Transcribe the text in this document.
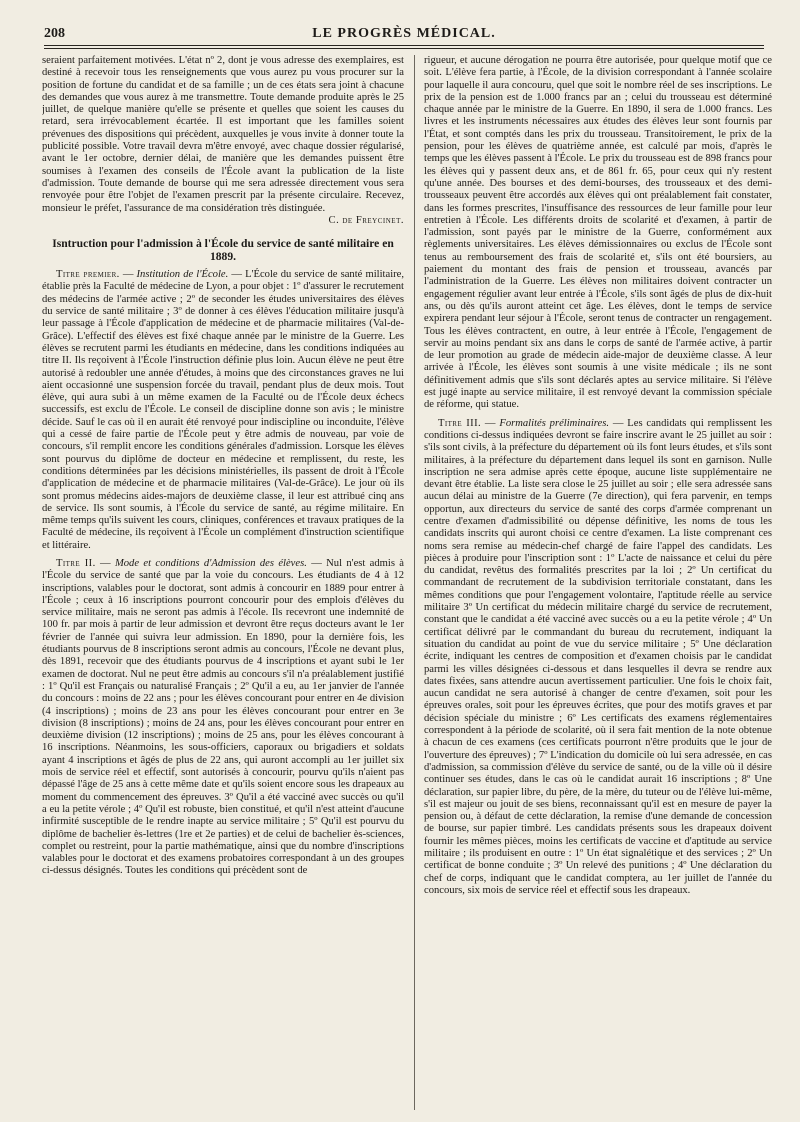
208	LE PROGRÈS MÉDICAL.

seraient parfaitement motivées. L'état nº 2, dont je vous adresse des exemplaires, est destiné à recevoir tous les renseignements que vous aurez pu vous procurer sur la position de fortune du candidat et de sa famille ; un de ces états sera joint à chacune des demandes que vous aurez à me transmettre. Toute demande produite après le 25 juillet, de quelque manière qu'elle se présente et quelles que soient les causes du retard, sera irrévocablement écartée. Il est important que les familles soient prévenues des dispositions qui précèdent, auxquelles je vous invite à donner toute la publicité possible. Votre travail devra m'être envoyé, avec chaque dossier régularisé, avant le 1er octobre, dernier délai, de manière que les demandes puissent être soumises à l'examen des conseils de l'École avant la publication de la liste d'admission. Toute demande de bourse qui me sera adressée directement vous sera renvoyée pour être l'objet de l'examen prescrit par la présente circulaire. Recevez, monsieur le préfet, l'assurance de ma considération très distinguée.

C. de Freycinet.
Isntruction pour l'admission à l'École du service de santé militaire en 1889.

Titre premier. — Institution de l'École. — L'École du service de santé militaire, établie près la Faculté de médecine de Lyon, a pour objet : 1º d'assurer le recrutement des médecins de l'armée active ; 2º de seconder les études universitaires des élèves du service de santé militaire ; 3º de donner à ces élèves l'éducation militaire jusqu'à leur passage à l'École d'application de médecine et de pharmacie militaires (Val-de-Grâce). L'effectif des élèves est fixé chaque année par le ministre de la Guerre. Les élèves se recrutent parmi les étudiants en médecine, dans les conditions indiquées au titre II. Ils reçoivent à l'École l'instruction définie plus loin. Aucun élève ne peut être autorisé à redoubler une année d'études, à moins que des circonstances graves ne lui aient occasionné une suspension forcée du travail, pendant plus de deux mois. Tout élève, qui aura subi à un même examen de la Faculté ou de l'École deux échecs successifs, est exclu de l'École. Le conseil de discipline donne son avis ; le ministre décide. Sauf le cas où il en aurait été renvoyé pour indiscipline ou inconduite, l'élève qui a cessé de faire partie de l'École peut y être admis de nouveau, par voie de concours, s'il remplit encore les conditions générales d'admission. Lorsque les élèves sont pourvus du diplôme de docteur en médecine et remplissent, du reste, les conditions déterminées par les décisions ministérielles, ils passent de droit à l'École d'application de médecine et de pharmacie militaires (Val-de-Grâce). Le jour où ils sont promus médecins aides-majors de deuxième classe, il leur est attribué cinq ans de service. Ils sont soumis, à l'École du service de santé, au régime militaire. En même temps qu'ils suivent les cours, cliniques, conférences et travaux pratiques de la Faculté de médecine, ils reçoivent à l'École un complément d'instruction scientifique et littéraire.

Titre II. — Mode et conditions d'Admission des élèves. — Nul n'est admis à l'École du service de santé que par la voie du concours. Les étudiants de 4 à 12 inscriptions, valables pour le doctorat, sont admis à concourir en 1889 pour entrer à l'École ; ceux à 16 inscriptions pourront concourir pour des emplois d'élèves du service militaire, mais ne seront pas admis à l'école. Ils recevront une indemnité de 100 fr. par mois à partir de leur admission et devront être reçus docteurs avant le 1er février de l'année qui suivra leur admission. En 1890, pour la dernière fois, les étudiants pourvus de 8 inscriptions seront admis au concours, l'École ne devant plus, dès 1891, recevoir que des étudiants pourvus de 4 inscriptions et ayant subi le 1er examen de doctorat. Nul ne peut être admis au concours s'il n'a préalablement justifié : 1º Qu'il est Français ou naturalisé Français ; 2º Qu'il a eu, au 1er janvier de l'année du concours : moins de 22 ans ; pour les élèves concourant pour entrer en 4e division (4 inscriptions) ; moins de 23 ans pour les élèves concourant pour entrer en 3e division (8 inscriptions) ; moins de 24 ans, pour les élèves concourant pour entrer en deuxième division (12 inscriptions) ; moins de 25 ans, pour les élèves concourant à 16 inscriptions. Néanmoins, les sous-officiers, caporaux ou brigadiers et soldats ayant 4 inscriptions et âgés de plus de 22 ans, qui auront accompli au 1er juillet six mois de service réel et effectif, sont autorisés à concourir, pourvu qu'ils n'aient pas dépassé l'âge de 25 ans à cette même date et qu'ils soient encore sous les drapeaux au moment du commencement des épreuves. 3º Qu'il a été vacciné avec succès ou qu'il a eu la petite vérole ; 4º Qu'il est robuste, bien constitué, et qu'il n'est atteint d'aucune infirmité susceptible de le rendre inapte au service militaire ; 5º Qu'il est pourvu du diplôme de bachelier ès-lettres (1re et 2e parties) et de celui de bachelier ès-sciences, complet ou restreint, pour la partie mathématique, ainsi que du nombre d'inscriptions valables pour le doctorat et des examens probatoires correspondant à un des groupes ci-dessus désignés. Toutes les conditions qui précèdent sont de

rigueur, et aucune dérogation ne pourra être autorisée, pour quelque motif que ce soit. L'élève fera partie, à l'École, de la division correspondant à l'année scolaire pour laquelle il aura concouru, quel que soit le nombre réel de ses inscriptions. Le prix de la pension est de 1.000 francs par an ; celui du trousseau est déterminé chaque année par le ministre de la Guerre. En 1890, il sera de 1.000 francs. Les livres et les instruments nécessaires aux études des élèves leur sont fournis par l'État, et sont comptés dans les prix du trousseau. Transitoirement, le prix de la pension, pour les élèves de quatrième année, est calculé par mois, d'après le temps que les élèves passent à l'École. Le prix du trousseau est de 898 francs pour les élèves qui y passent deux ans, et de 861 fr. 65, pour ceux qui n'y restent qu'une année. Des bourses et des demi-bourses, des trousseaux et des demi-trousseaux peuvent être accordés aux élèves qui ont préalablement fait constater, dans les formes prescrites, l'insuffisance des ressources de leur famille pour leur entretien à l'École. Les différents droits de scolarité et d'examen, à partir de l'admission, sont payés par le ministre de la Guerre, conformément aux règlements universitaires. Les élèves démissionnaires ou exclus de l'École sont tenus au remboursement des frais de scolarité et, s'ils ont été boursiers, au paiement du montant des frais de pension et trousseau, avancés par l'administration de la Guerre. Les élèves non militaires doivent contracter un engagement régulier avant leur entrée à l'École, s'ils sont âgés de plus de dix-huit ans, ou dès qu'ils auront atteint cet âge. Les élèves, dont le temps de service expirera pendant leur séjour à l'École, seront tenus de contracter un rengagement. Tous les élèves contractent, en outre, à leur entrée à l'École, l'engagement de servir au moins pendant six ans dans le corps de santé de l'armée active, à partir de leur promotion au grade de médecin aide-major de deuxième classe. A leur arrivée à l'École, les élèves sont soumis à une visite médicale ; ils ne sont définitivement admis que s'ils sont déclarés aptes au service militaire. Si l'élève est jugé inapte au service militaire, il est renvoyé devant la commission spéciale de réforme, qui statue.

Titre III. — Formalités préliminaires. — Les candidats qui remplissent les conditions ci-dessus indiquées devront se faire inscrire avant le 25 juillet au soir : s'ils sont civils, à la préfecture du département où ils font leurs études, et s'ils sont militaires, à la préfecture du département dans lequel ils sont en garnison. Nulle inscription ne sera admise après cette époque, aucune liste supplémentaire ne devant être établie. La liste sera close le 25 juillet au soir ; elle sera adressée sans aucun délai au ministre de la Guerre (7e direction), qui fera parvenir, en temps opportun, aux directeurs du service de santé des corps d'armée comprenant un centre d'examen d'admissibilité ou dépense définitive, les noms de tous les candidats inscrits qui auront choisi ce centre d'examen. La liste comprenant ces noms sera remise au médecin-chef chargé de faire l'appel des candidats. Les pièces à produire pour l'inscription sont : 1º L'acte de naissance et celui du père du candidat, revêtus des formalités prescrites par la loi ; 2º Un certificat du commandant de recrutement de la subdivision territoriale constatant, dans les mêmes conditions que pour l'engagement volontaire, l'aptitude réelle au service militaire 3º Un certificat du médecin militaire chargé du service de recrutement, constant que le candidat a été vacciné avec succès ou a eu la petite vérole ; 4º Un certificat délivré par le commandant du bureau du recrutement, indiquant la situation du candidat au point de vue du service militaire ; 5º Une déclaration écrite, indiquant les centres de composition et d'examen choisis par le candidat parmi les villes désignées ci-dessous et dans lesquelles il devra se rendre aux dates fixées, sans attendre aucun avertissement particulier. Une fois le choix fait, aucun candidat ne sera autorisé à changer de centre d'examen, soit pour les épreuves orales, soit pour les épreuves écrites, que pour des motifs graves et par décision spéciale du ministre ; 6º Les certificats des examens réglementaires correspondent à la période de scolarité, où il sera fait mention de la note obtenue à chacun de ces examens (ces certificats pourront n'être produits que le jour de l'ouverture des épreuves) ; 7º L'indication du domicile où lui sera adressée, en cas d'admission, sa commission d'élève du service de santé, ou de la ville où il désire continuer ses études, dans le cas où le candidat aurait 16 inscriptions ; 8º Une déclaration, sur papier libre, du père, de la mère, du tuteur ou de l'élève lui-même, s'il est majeur ou jouit de ses biens, reconnaissant qu'il est en mesure de payer la pension ou, à défaut de cette déclaration, la remise d'une demande de concession de bourse, sur papier timbré. Les candidats présents sous les drapeaux doivent fournir les mêmes pièces, moins les certificats de vaccine et d'aptitude au service militaire ; ils produisent en outre : 1º Un état signalétique et des services ; 2º Un certificat de bonne conduite ; 3º Un relevé des punitions ; 4º Une déclaration du chef de corps, indiquant que le candidat comptera, au 1er juillet de l'année du concours, six mois de service réel et effectif sous les drapeaux.
